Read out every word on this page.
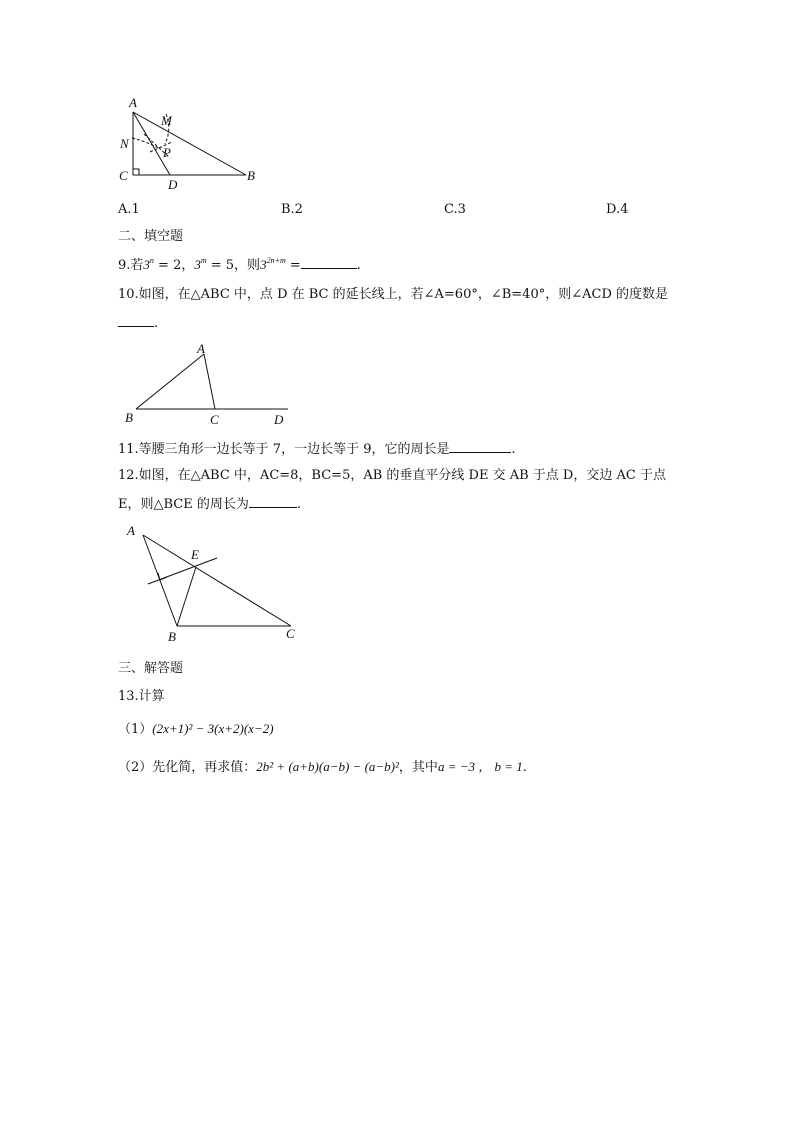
A
M
N
P
C
D
B
A.1	B.2	C.3	D.4
二、填空题
9.若$3^n = 2$，$3^m = 5$，则$3^{2n+m}$ =	.
10.如图，在△ABC 中，点 D 在 BC 的延长线上，若∠A=60°，∠B=40°，则∠ACD 的度数是
.
A
B	C	D
11.等腰三角形一边长等于 7，一边长等于 9，它的周长是	.
12.如图，在△ABC 中，AC=8，BC=5，AB 的垂直平分线 DE 交 AB 于点 D，交边 AC 于点
E，则△BCE 的周长为	.
A
E
B	C
三、解答题
13.计算
（1）(2x+1)² − 3(x+2)(x−2)
（2）先化简，再求值：2b² + (a+b)(a−b) − (a−b)²，其中a = −3 ， b = 1.
